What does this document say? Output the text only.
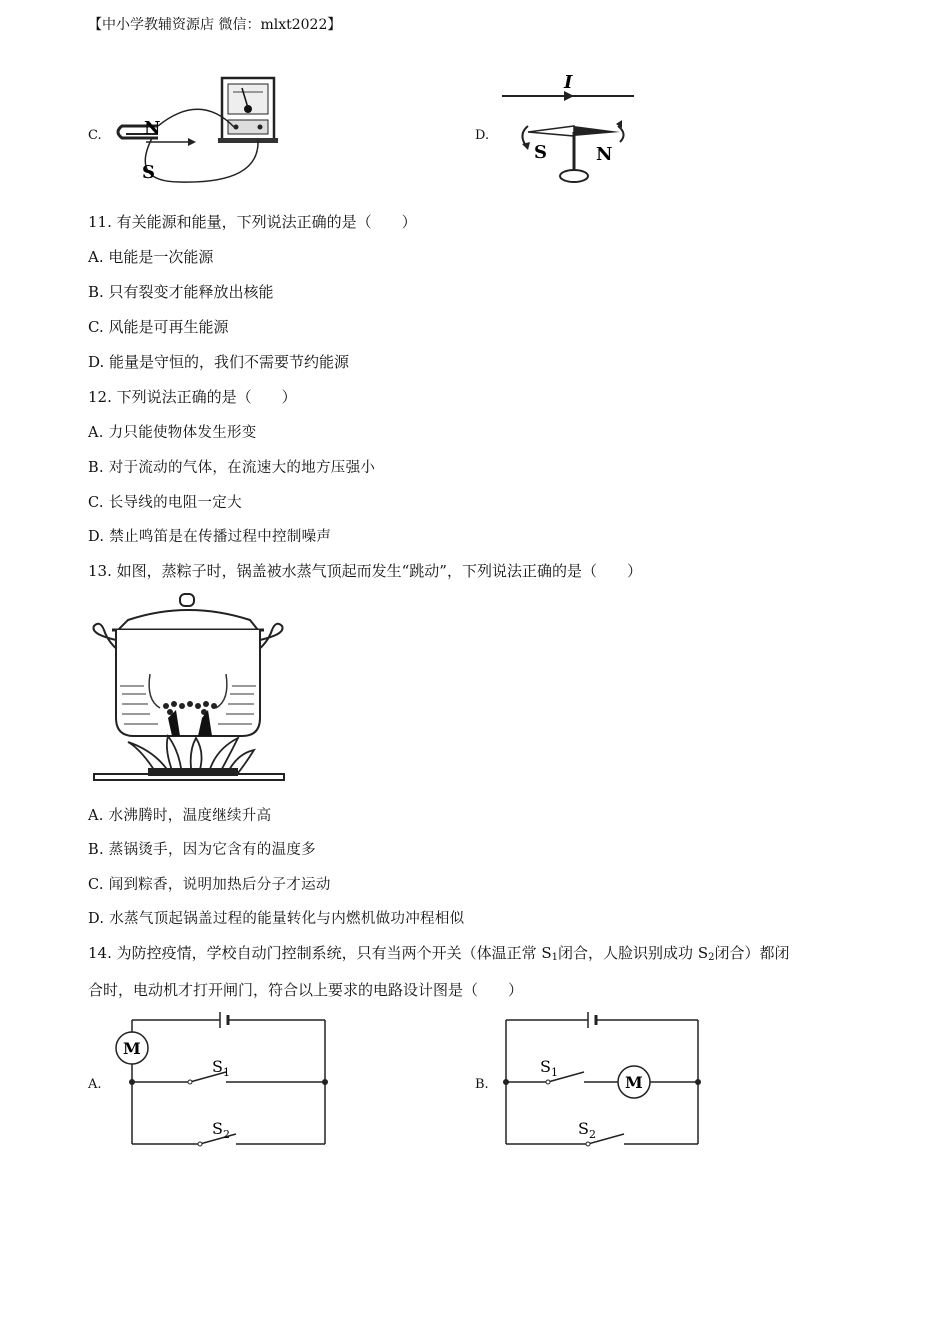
【中小学教辅资源店 微信：mlxt2022】
C. N
S
D.
I
S	N
11. 有关能源和能量，下列说法正确的是（　　）
A. 电能是一次能源
B. 只有裂变才能释放出核能
C. 风能是可再生能源
D. 能量是守恒的，我们不需要节约能源
12. 下列说法正确的是（　　）
A. 力只能使物体发生形变
B. 对于流动的气体，在流速大的地方压强小
C. 长导线的电阻一定大
D. 禁止鸣笛是在传播过程中控制噪声
13. 如图，蒸粽子时，锅盖被水蒸气顶起而发生“跳动”，下列说法正确的是（　　）
A. 水沸腾时，温度继续升高
B. 蒸锅烫手，因为它含有的温度多
C. 闻到粽香，说明加热后分子才运动
D. 水蒸气顶起锅盖过程的能量转化与内燃机做功冲程相似
14. 为防控疫情，学校自动门控制系统，只有当两个开关（体温正常 $S_1$闭合，人脸识别成功 $S_2$闭合）都闭
合时，电动机才打开闸门，符合以上要求的电路设计图是（　　）
A.
M
$S_1$
$S_2$
B.	M
$S_1$
$S_2$
